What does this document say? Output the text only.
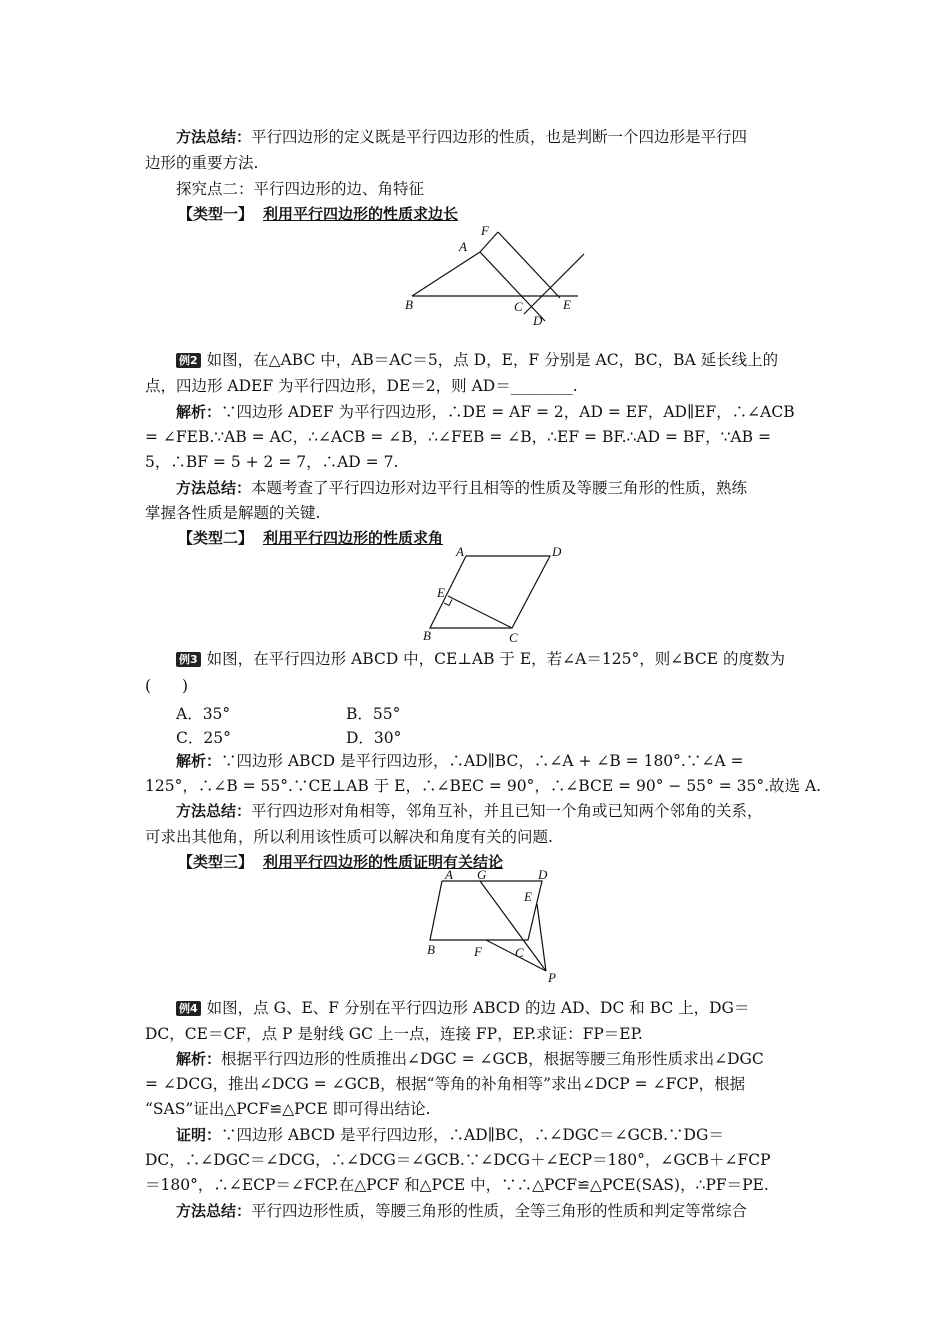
方法总结：平行四边形的定义既是平行四边形的性质，也是判断一个四边形是平行四
边形的重要方法.
探究点二：平行四边形的边、角特征
【类型一】 利用平行四边形的性质求边长
F
A
B	C	E
D
例2 如图，在△ABC 中，AB＝AC＝5，点 D，E，F 分别是 AC，BC，BA 延长线上的
点，四边形 ADEF 为平行四边形，DE＝2，则 AD＝________.
解析：∵四边形 ADEF 为平行四边形，∴DE = AF = 2，AD = EF，AD∥EF，∴∠ACB
= ∠FEB.∵AB = AC，∴∠ACB = ∠B，∴∠FEB = ∠B，∴EF = BF.∴AD = BF，∵AB =
5，∴BF = 5 + 2 = 7，∴AD = 7.
方法总结：本题考查了平行四边形对边平行且相等的性质及等腰三角形的性质，熟练
掌握各性质是解题的关键.
【类型二】 利用平行四边形的性质求角
A	D
E
B	C
例3 如图，在平行四边形 ABCD 中，CE⊥AB 于 E，若∠A＝125°，则∠BCE 的度数为
(　　)
A．35°	B．55°
C．25°	D．30°
解析：∵四边形 ABCD 是平行四边形，∴AD∥BC，∴∠A + ∠B = 180°.∵∠A =
125°，∴∠B = 55°.∵CE⊥AB 于 E，∴∠BEC = 90°，∴∠BCE = 90° − 55° = 35°.故选 A.
方法总结：平行四边形对角相等，邻角互补，并且已知一个角或已知两个邻角的关系，
可求出其他角，所以利用该性质可以解决和角度有关的问题.
【类型三】 利用平行四边形的性质证明有关结论
A G	D
E
B	F	C
P
例4 如图，点 G、E、F 分别在平行四边形 ABCD 的边 AD、DC 和 BC 上，DG＝
DC，CE＝CF，点 P 是射线 GC 上一点，连接 FP，EP.求证：FP＝EP.
解析：根据平行四边形的性质推出∠DGC = ∠GCB，根据等腰三角形性质求出∠DGC
= ∠DCG，推出∠DCG = ∠GCB，根据“等角的补角相等”求出∠DCP = ∠FCP，根据
“SAS”证出△PCF≌△PCE 即可得出结论.
证明：∵四边形 ABCD 是平行四边形，∴AD∥BC，∴∠DGC＝∠GCB.∵DG＝
DC，∴∠DGC＝∠DCG，∴∠DCG＝∠GCB.∵∠DCG＋∠ECP＝180°，∠GCB＋∠FCP
＝180°，∴∠ECP＝∠FCP.在△PCF 和△PCE 中，∵∴△PCF≌△PCE(SAS)，∴PF＝PE.
方法总结：平行四边形性质，等腰三角形的性质，全等三角形的性质和判定等常综合
